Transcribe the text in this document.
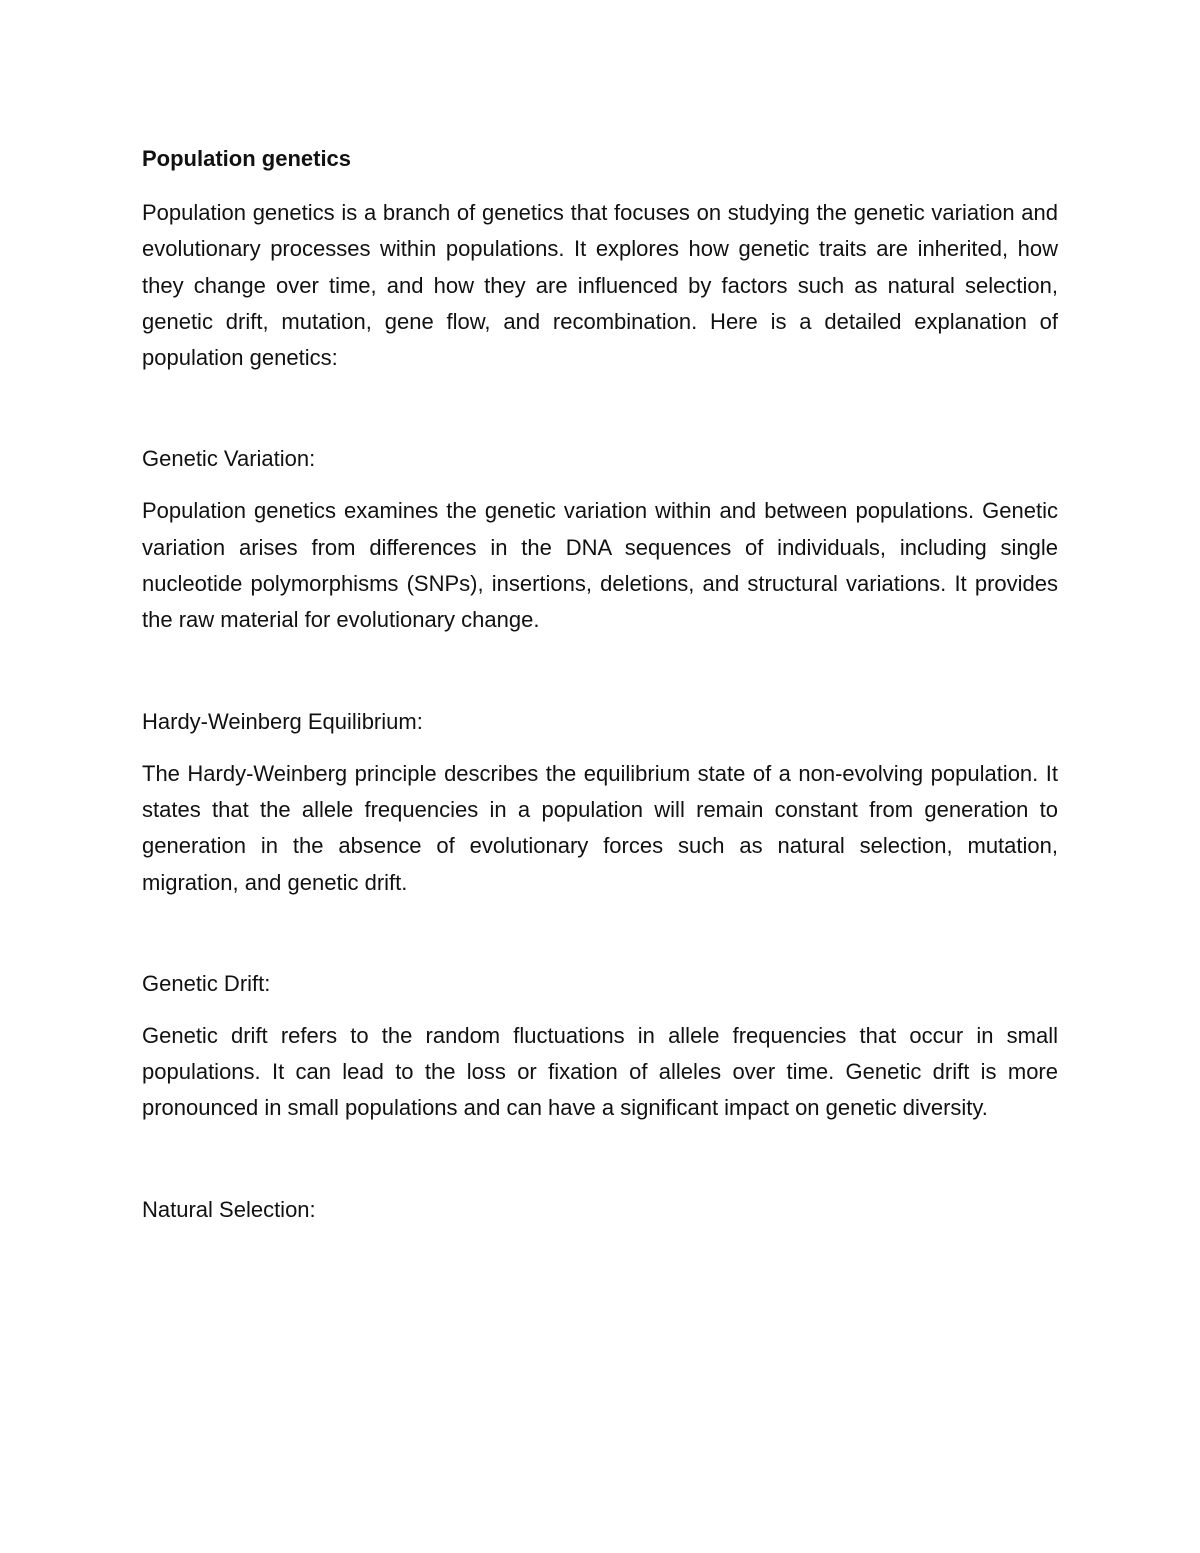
Population genetics

Population genetics is a branch of genetics that focuses on studying the genetic variation and evolutionary processes within populations. It explores how genetic traits are inherited, how they change over time, and how they are influenced by factors such as natural selection, genetic drift, mutation, gene flow, and recombination. Here is a detailed explanation of population genetics:

Genetic Variation:

Population genetics examines the genetic variation within and between populations. Genetic variation arises from differences in the DNA sequences of individuals, including single nucleotide polymorphisms (SNPs), insertions, deletions, and structural variations. It provides the raw material for evolutionary change.

Hardy-Weinberg Equilibrium:

The Hardy-Weinberg principle describes the equilibrium state of a non-evolving population. It states that the allele frequencies in a population will remain constant from generation to generation in the absence of evolutionary forces such as natural selection, mutation, migration, and genetic drift.

Genetic Drift:

Genetic drift refers to the random fluctuations in allele frequencies that occur in small populations. It can lead to the loss or fixation of alleles over time. Genetic drift is more pronounced in small populations and can have a significant impact on genetic diversity.

Natural Selection:
